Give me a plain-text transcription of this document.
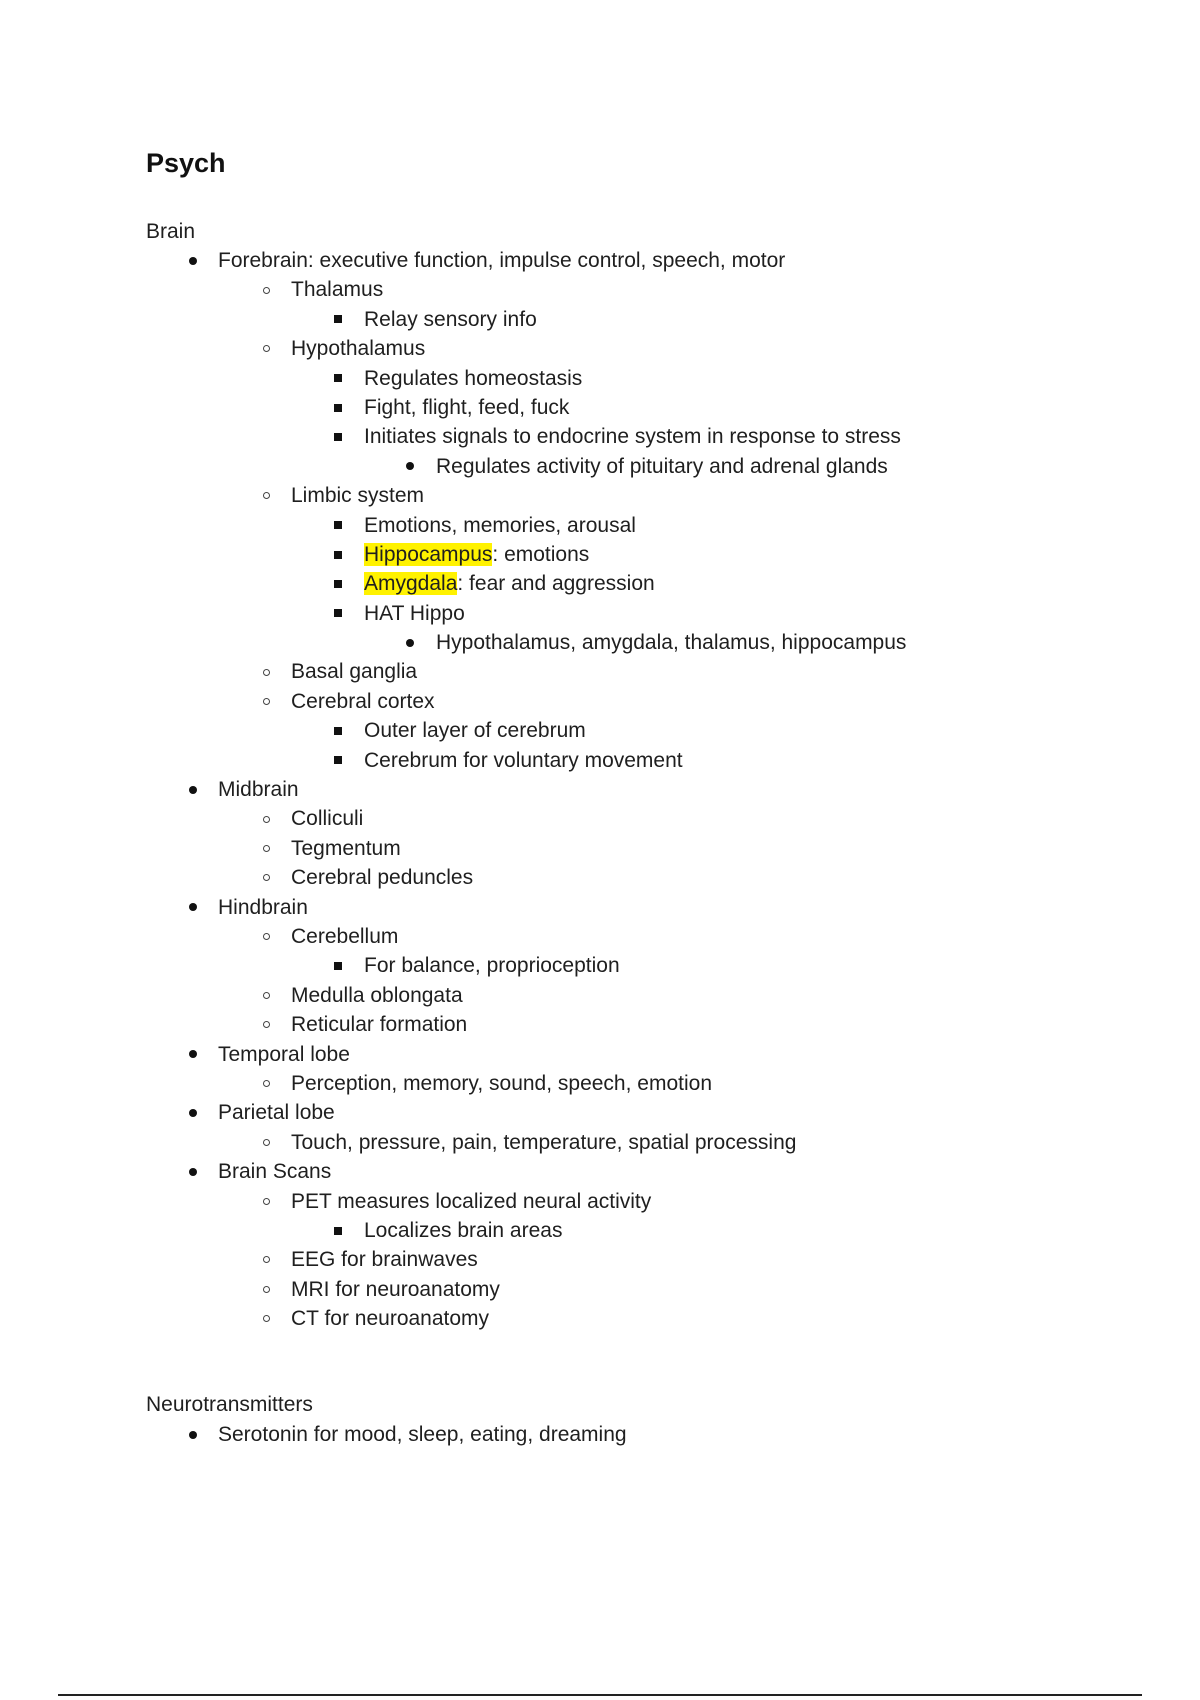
Psych

Brain

Forebrain: executive function, impulse control, speech, motor
Thalamus
Relay sensory info
Hypothalamus
Regulates homeostasis
Fight, flight, feed, fuck
Initiates signals to endocrine system in response to stress
Regulates activity of pituitary and adrenal glands
Limbic system
Emotions, memories, arousal
Hippocampus: emotions
Amygdala: fear and aggression
HAT Hippo
Hypothalamus, amygdala, thalamus, hippocampus
Basal ganglia
Cerebral cortex
Outer layer of cerebrum
Cerebrum for voluntary movement
Midbrain
Colliculi
Tegmentum
Cerebral peduncles
Hindbrain
Cerebellum
For balance, proprioception
Medulla oblongata
Reticular formation
Temporal lobe
Perception, memory, sound, speech, emotion
Parietal lobe
Touch, pressure, pain, temperature, spatial processing
Brain Scans
PET measures localized neural activity
Localizes brain areas
EEG for brainwaves
MRI for neuroanatomy
CT for neuroanatomy

Neurotransmitters

Serotonin for mood, sleep, eating, dreaming
